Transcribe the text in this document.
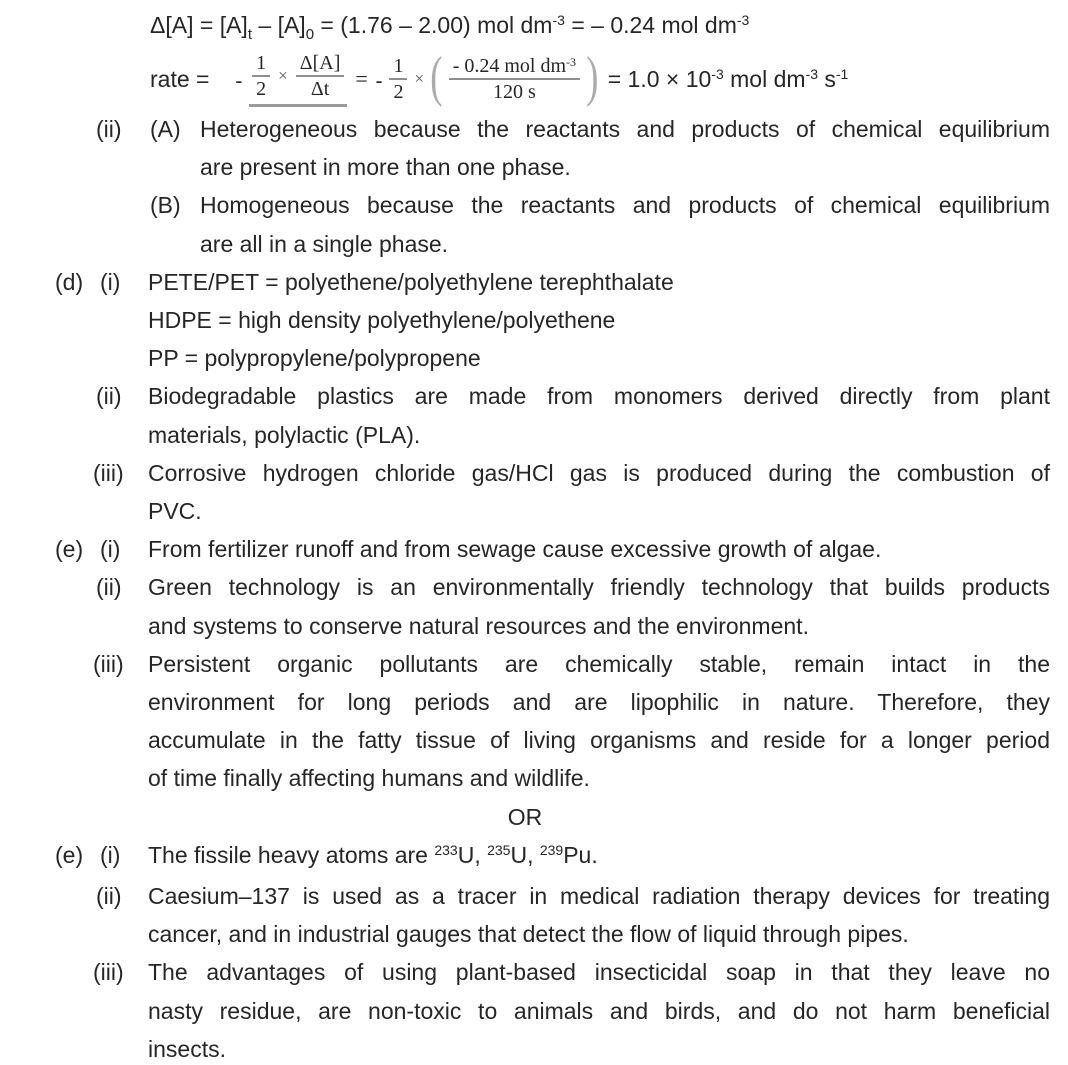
$\Delta[A] = [A]_t - [A]_0 = (1.76 - 2.00)$ mol $dm^{-3}$ = – 0.24 mol $dm^{-3}$
rate = - $\frac{1}{2} \times \frac{\Delta[A]}{\Delta t}$ = - $\frac{1}{2}$ × ( $\frac{- 0.24 mol dm^{-3}}{120 s}$ ) = $1.0 \times 10^{-3}$ mol $dm^{-3}$ $s^{-1}$
(ii) (A) Heterogeneous because the reactants and products of chemical equilibrium
are present in more than one phase.
(B) Homogeneous because the reactants and products of chemical equilibrium
are all in a single phase.
(d) (i) PETE/PET = polyethene/polyethylene terephthalate
HDPE = high density polyethylene/polyethene
PP = polypropylene/polypropene
(ii) Biodegradable plastics are made from monomers derived directly from plant
materials, polylactic (PLA).
(iii) Corrosive hydrogen chloride gas/HCl gas is produced during the combustion of
PVC.
(e) (i) From fertilizer runoff and from sewage cause excessive growth of algae.
(ii) Green technology is an environmentally friendly technology that builds products
and systems to conserve natural resources and the environment.
(iii) Persistent organic pollutants are chemically stable, remain intact in the
environment for long periods and are lipophilic in nature. Therefore, they
accumulate in the fatty tissue of living organisms and reside for a longer period
of time finally affecting humans and wildlife.
OR
(e) (i) The fissile heavy atoms are $^{233}$U, $^{235}$U, $^{239}$Pu.
(ii) Caesium–137 is used as a tracer in medical radiation therapy devices for treating
cancer, and in industrial gauges that detect the flow of liquid through pipes.
(iii) The advantages of using plant-based insecticidal soap in that they leave no
nasty residue, are non-toxic to animals and birds, and do not harm beneficial
insects.
